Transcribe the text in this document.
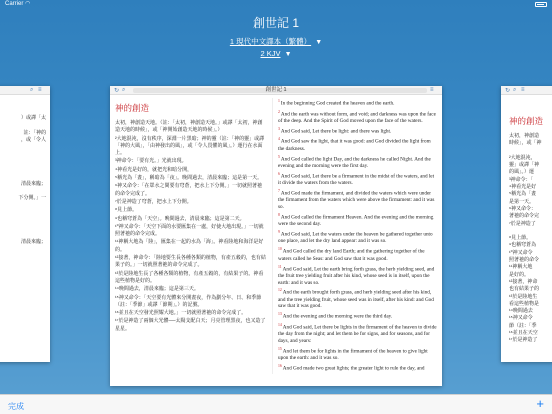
Carrier ◠
創世記 1
1 現代中文譯本（繁體） ▼
2 KJV ▼
⌕ ≡
）或譯「太
註：「神的
，或「令人
清晨來臨；
下分開。」一
清晨來臨；
↻ ⌕ ≡
神的創造
太初，神創造
時候」，或「神
²大地混沌，
靈」或譯「神
的風」。）運
³神命令：「
⁴神看光是好
⁵稱光為「晝
是第一天。
⁶神又命令：
著祂的命令完
⁷於是神造了
⁸見上節。
⁹也稱穹蒼為
¹⁰神又命令
照著祂的命令
¹¹神稱大地
是好的。
¹²接著，神命
也有結果子的
¹³於是陸地生
看這些植物是
¹⁴晚間過去
¹⁵神又命令
節（註：「季
¹⁶並且在天空
¹⁷於是神造了
↻ ⌕	≡
創世記 1
神的創造
太初，神創造天地。（註：「太初，神創造天地。」或譯「太初，神創造天地的時候」，或「神開始創造天地的時候」。）
²大地混沌，沒有秩序，深淵一片黑暗；神的靈（註：「神的靈」或譯「神的大風」，「由神發出的風」，或「令人畏懼的風」。）運行在水面上。
³神命令：「要有光。」光就出現。
⁴神看光是好的，就把光和暗分開，
⁵稱光為「晝」，稱暗為「夜」。晚間過去，清晨來臨；這是第一天。
⁶神又命令：「在眾水之間要有穹蒼，把水上下分開。」一切就照著祂的命令完成了。
⁷於是神造了穹蒼，把水上下分開。
⁸見上節。
⁹也稱穹蒼為「天空」。晚間過去，清晨來臨；這是第二天。
¹⁰神又命令：「天空下面的水要匯集在一處，好使大地出現。」一切就照著祂的命令完成。
¹¹神稱大地為「陸」，匯集在一起的水為「海」。神看陸地和海洋是好的。
¹²接著，神命令：「陸地要生長各種各類的植物，有產五穀的，也有結果子的。」一切就照著祂的命令完成了。
¹³於是陸地生長了各種各類的植物，有產五穀的，有結果子的。神看這些植物是好的。
¹⁴晚間過去，清晨來臨；這是第三天。
¹⁵神又命令：「天空要有光體來分開晝夜，作為劃分年、日、和季節（註：「季節」或譯「節期」。）的記號。
¹⁶並且在天空發光照耀大地。」一切就照著祂的命令完成了。
¹⁷於是神造了兩個大光體──太陽支配白天；月亮管理黑夜，也又造了星星。
$^1$In the beginning God created the heaven and the earth.
$^2$And the earth was without form, and void; and darkness was upon the face of the deep. And the Spirit of God moved upon the face of the waters.
$^3$And God said, Let there be light: and there was light.
$^4$And God saw the light, that it was good: and God divided the light from the darkness.
$^5$And God called the light Day, and the darkness he called Night. And the evening and the morning were the first day.
$^6$And God said, Let there be a firmament in the midst of the waters, and let it divide the waters from the waters.
$^7$And God made the firmament, and divided the waters which were under the firmament from the waters which were above the firmament: and it was so.
$^8$And God called the firmament Heaven. And the evening and the morning were the second day.
$^9$And God said, Let the waters under the heaven be gathered together unto one place, and let the dry land appear: and it was so.
$^{10}$And God called the dry land Earth; and the gathering together of the waters called he Seas: and God saw that it was good.
$^{11}$And God said, Let the earth bring forth grass, the herb yielding seed, and the fruit tree yielding fruit after his kind, whose seed is in itself, upon the earth: and it was so.
$^{12}$And the earth brought forth grass, and herb yielding seed after his kind, and the tree yielding fruit, whose seed was in itself, after his kind: and God saw that it was good.
$^{13}$And the evening and the morning were the third day.
$^{14}$And God said, Let there be lights in the firmament of the heaven to divide the day from the night; and let them be for signs, and for seasons, and for days, and years:
$^{15}$And let them be for lights in the firmament of the heaven to give light upon the earth: and it was so.
$^{16}$And God made two great lights; the greater light to rule the day, and
完成	+
